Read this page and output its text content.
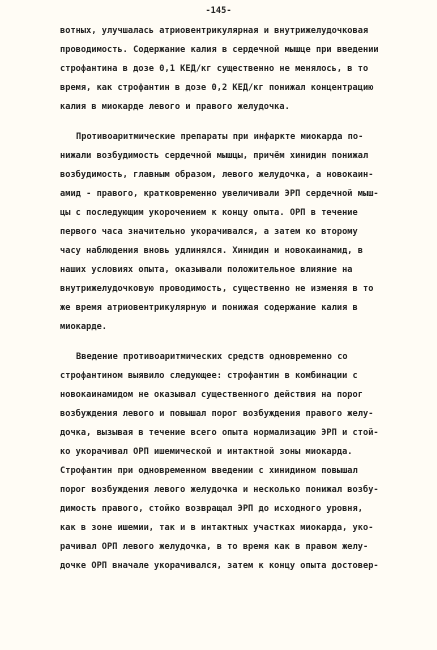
-145-
вотных, улучшалась атриовентрикулярная и внутрижелудочковая
проводимость. Содержание калия в сердечной мышце при введении
строфантина в дозе 0,1 КЕД/кг существенно не менялось, в то
время, как строфантин в дозе 0,2 КЕД/кг понижал концентрацию
калия в миокарде левого и правого желудочка.
Противоаритмические препараты при инфаркте миокарда по-
нижали возбудимость сердечной мышцы, причём хинидин понижал
возбудимость, главным образом, левого желудочка, а новокаин-
амид - правого, кратковременно увеличивали ЭРП сердечной мыш-
цы с последующим укорочением к концу опыта. ОРП в течение
первого часа значительно укорачивался, а затем ко второму
часу наблюдения вновь удлинялся. Хинидин и новокаинамид, в
наших условиях опыта, оказывали положительное влияние на
внутрижелудочковую проводимость, существенно не изменяя в то
же время атриовентрикулярную и понижая содержание калия в
миокарде.
Введение противоаритмических средств одновременно со
строфантином выявило следующее: строфантин в комбинации с
новокаинамидом не оказывал существенного действия на порог
возбуждения левого и повышал порог возбуждения правого желу-
дочка, вызывая в течение всего опыта нормализацию ЭРП и стой-
ко укорачивал ОРП ишемической и интактной зоны миокарда.
Строфантин при одновременном введении с хинидином повышал
порог возбуждения левого желудочка и несколько понижал возбу-
димость правого, стойко возвращал ЭРП до исходного уровня,
как в зоне ишемии, так и в интактных участках миокарда, уко-
рачивал ОРП левого желудочка, в то время как в правом желу-
дочке ОРП вначале укорачивался, затем к концу опыта достовер-
